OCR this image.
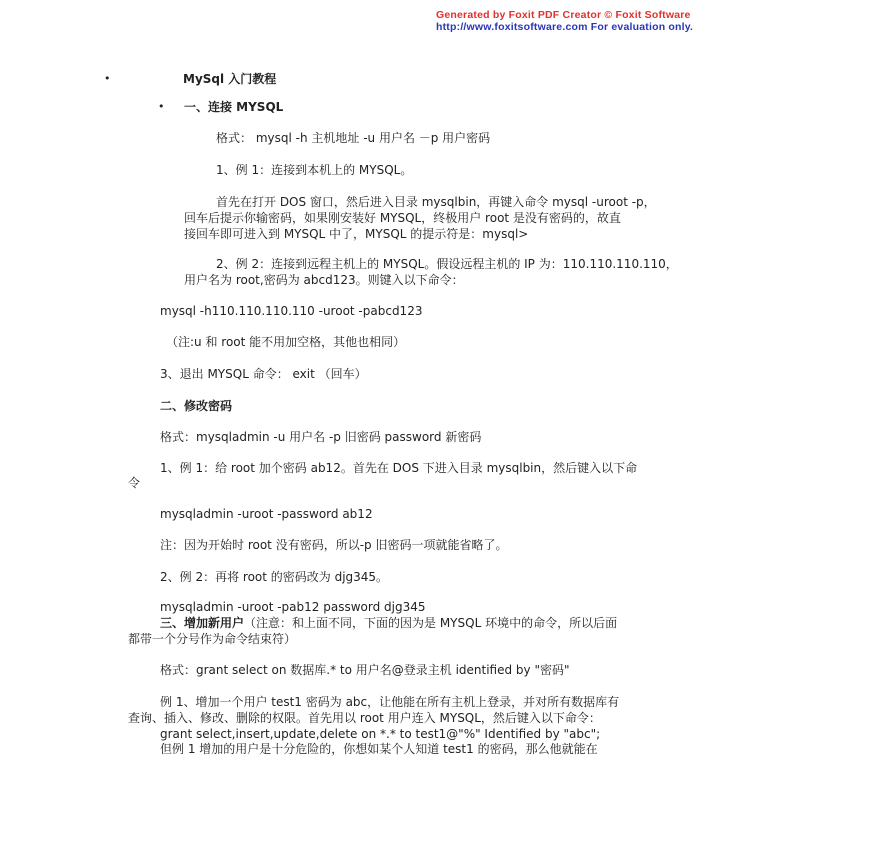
Generated by Foxit PDF Creator © Foxit Software
http://www.foxitsoftware.com For evaluation only.
•	MySql 入门教程
• 一、连接 MYSQL
格式： mysql -h 主机地址 -u 用户名 －p 用户密码
1、例 1：连接到本机上的 MYSQL。
首先在打开 DOS 窗口，然后进入目录 mysqlbin，再键入命令 mysql -uroot -p，
回车后提示你输密码，如果刚安装好 MYSQL，终极用户 root 是没有密码的，故直
接回车即可进入到 MYSQL 中了，MYSQL 的提示符是：mysql>
2、例 2：连接到远程主机上的 MYSQL。假设远程主机的 IP 为：110.110.110.110，
用户名为 root,密码为 abcd123。则键入以下命令：
mysql -h110.110.110.110 -uroot -pabcd123
（注:u 和 root 能不用加空格，其他也相同）
3、退出 MYSQL 命令： exit （回车）
二、修改密码
格式：mysqladmin -u 用户名 -p 旧密码 password 新密码
1、例 1：给 root 加个密码 ab12。首先在 DOS 下进入目录 mysqlbin，然后键入以下命
令
mysqladmin -uroot -password ab12
注：因为开始时 root 没有密码，所以-p 旧密码一项就能省略了。
2、例 2：再将 root 的密码改为 djg345。
mysqladmin -uroot -pab12 password djg345
三、增加新用户（注意：和上面不同，下面的因为是 MYSQL 环境中的命令，所以后面
都带一个分号作为命令结束符）
格式：grant select on 数据库.* to 用户名@登录主机 identified by "密码"
例 1、增加一个用户 test1 密码为 abc，让他能在所有主机上登录，并对所有数据库有
查询、插入、修改、删除的权限。首先用以 root 用户连入 MYSQL，然后键入以下命令：
grant select,insert,update,delete on *.* to test1@"%" Identified by "abc";
但例 1 增加的用户是十分危险的，你想如某个人知道 test1 的密码，那么他就能在
